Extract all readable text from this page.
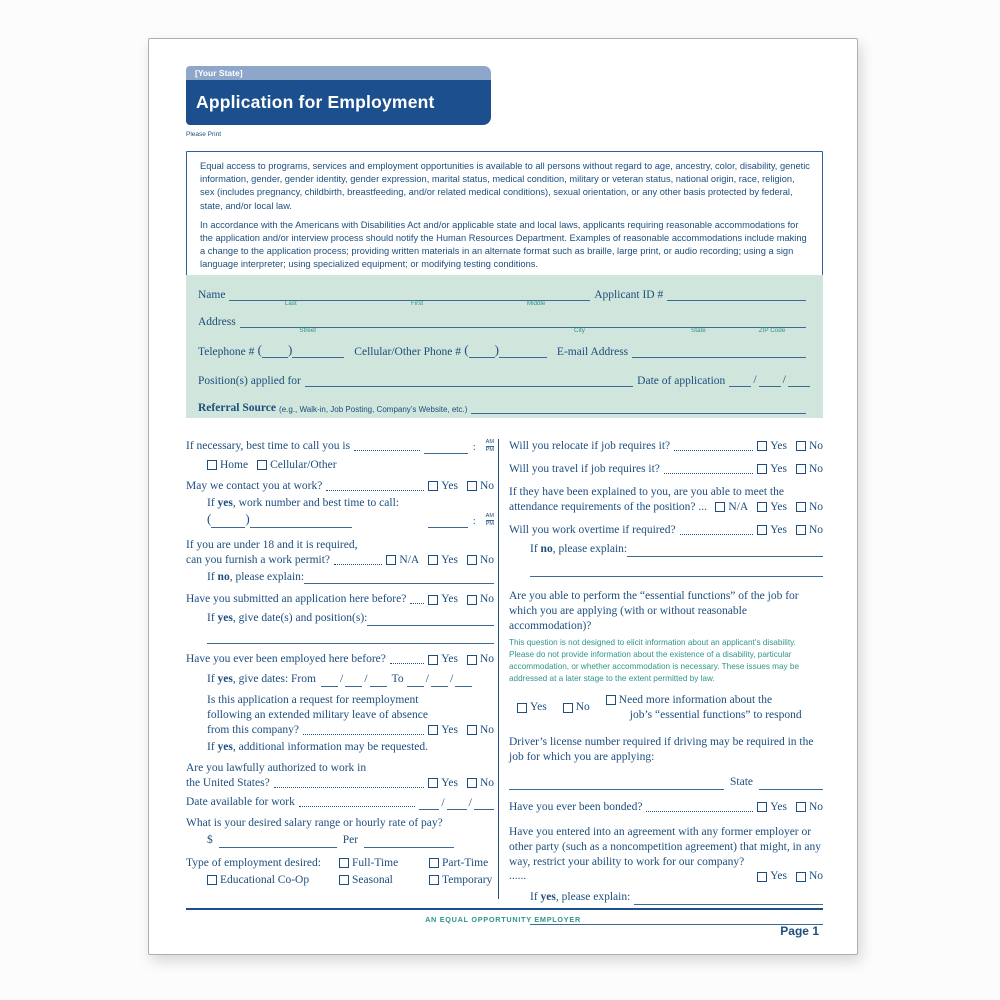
[Your State]
Application for Employment
Please Print

Equal access to programs, services and employment opportunities is available to all persons without regard to age, ancestry, color, disability, genetic information, gender, gender identity, gender expression, marital status, medical condition, military or veteran status, national origin, race, religion, sex (includes pregnancy, childbirth, breastfeeding, and/or related medical conditions), sexual orientation, or any other basis protected by federal, state, and/or local law.

In accordance with the Americans with Disabilities Act and/or applicable state and local laws, applicants requiring reasonable accommodations for the application and/or interview process should notify the Human Resources Department. Examples of reasonable accommodations include making a change to the application process; providing written materials in an alternate format such as braille, large print, or audio recording; using a sign language interpreter; using specialized equipment; or modifying testing conditions.

Name
Last	First	Middle
Applicant ID #
Address
Street	City	State	ZIP Code
Telephone # ( )	Cellular/Other Phone # ( )	E-mail Address
Position(s) applied for	Date of application / /
Referral Source (e.g., Walk-in, Job Posting, Company’s Website, etc.)
If necessary, best time to call you is	: AM
PM
Home Cellular/Other
May we contact you at work?	Yes No
If yes, work number and best time to call:
(	)	: AM
PM
If you are under 18 and it is required,
can you furnish a work permit?	N/A Yes No
If no, please explain:
Have you submitted an application here before?	Yes No
If yes, give date(s) and position(s):
Have you ever been employed here before?	Yes No
If yes, give dates: From / / To / /
Is this application a request for reemployment
following an extended military leave of absence
from this company?	Yes No
If yes, additional information may be requested.
Are you lawfully authorized to work in
the United States?	Yes No
Date available for work	/ /
What is your desired salary range or hourly rate of pay?
$	Per
Type of employment desired:	Full-Time	Part-Time
Educational Co-Op	Seasonal	Temporary
Will you relocate if job requires it?	Yes No
Will you travel if job requires it?	Yes No
If they have been explained to you, are you able to meet the
attendance requirements of the position? ... N/A Yes No
Will you work overtime if required?	Yes No
If no, please explain:
Are you able to perform the “essential functions” of the job for which you are applying (with or without reasonable accommodation)?
This question is not designed to elicit information about an applicant’s disability. Please do not provide information about the existence of a disability, particular accommodation, or whether accommodation is necessary. These issues may be addressed at a later stage to the extent permitted by law.
Yes	No
Need more information about the
job’s “essential functions” to respond
Driver’s license number required if driving may be required in the job for which you are applying:
State
Have you ever been bonded?	Yes No
Have you entered into an agreement with any former employer or
other party (such as a noncompetition agreement) that might, in any
way, restrict your ability to work for our company? ......	Yes No
If yes, please explain:
AN EQUAL OPPORTUNITY EMPLOYER
Page 1
